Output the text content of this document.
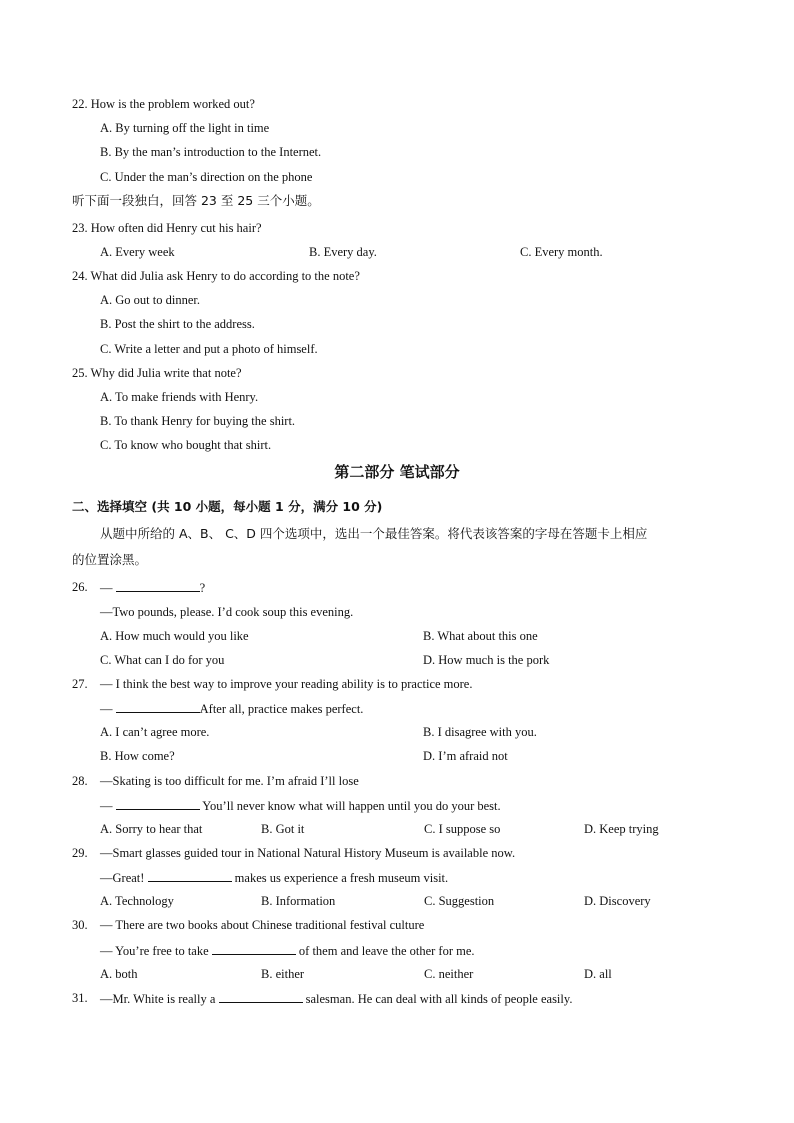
22. How is the problem worked out?
A. By turning off the light in time
B. By the man’s introduction to the Internet.
C. Under the man’s direction on the phone
听下面一段独白，回答 23 至 25 三个小题。
23. How often did Henry cut his hair?
A. Every week	B. Every day.	C. Every month.
24. What did Julia ask Henry to do according to the note?
A. Go out to dinner.
B. Post the shirt to the address.
C. Write a letter and put a photo of himself.
25. Why did Julia write that note?
A. To make friends with Henry.
B. To thank Henry for buying the shirt.
C. To know who bought that shirt.
第二部分 笔试部分
二、选择填空 (共 10 小题，每小题 1 分，满分 10 分)
从题中所给的 A、B、 C、D 四个选项中，选出一个最佳答案。将代表该答案的字母在答题卡上相应
的位置涂黑。
26. —	?
—Two pounds, please. I’d cook soup this evening.
A. How much would you like	B. What about this one
C. What can I do for you	D. How much is the pork
27. — I think the best way to improve your reading ability is to practice more.
—	After all, practice makes perfect.
A. I can’t agree more.	B. I disagree with you.
B. How come?	D. I’m afraid not
28. —Skating is too difficult for me. I’m afraid I’ll lose
—	You’ll never know what will happen until you do your best.
A. Sorry to hear that	B. Got it	C. I suppose so	D. Keep trying
29. —Smart glasses guided tour in National Natural History Museum is available now.
—Great!	makes us experience a fresh museum visit.
A. Technology	B. Information	C. Suggestion	D. Discovery
30. — There are two books about Chinese traditional festival culture
— You’re free to take	of them and leave the other for me.
A. both	B. either	C. neither	D. all
31. —Mr. White is really a	salesman. He can deal with all kinds of people easily.
